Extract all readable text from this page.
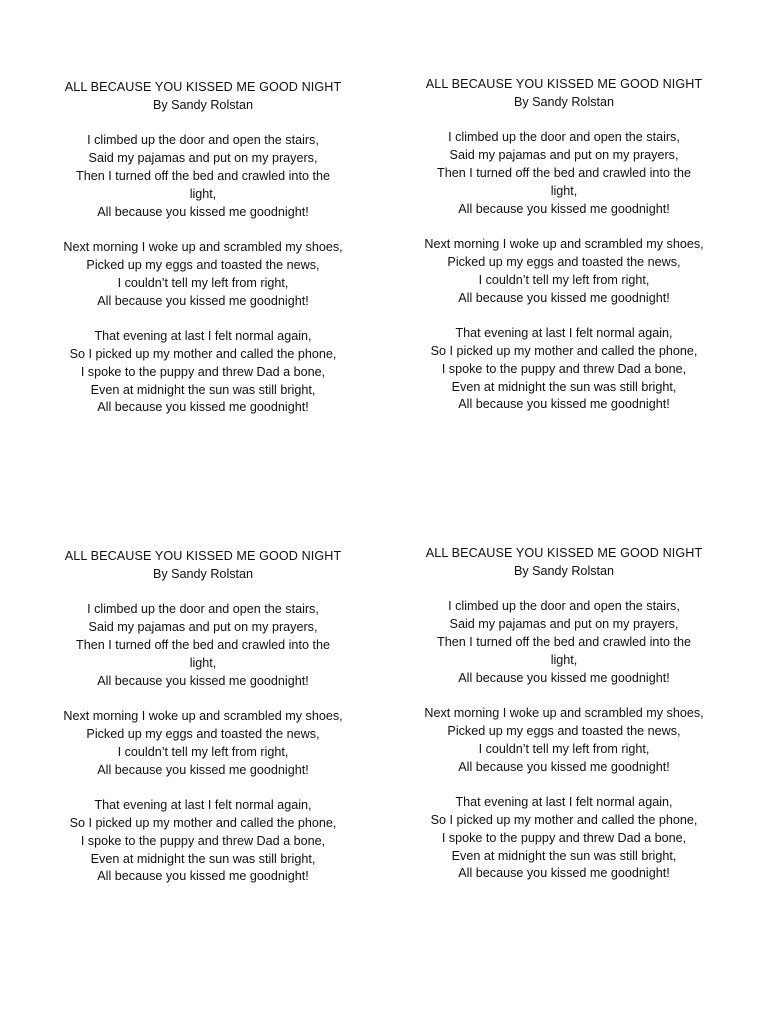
ALL BECAUSE YOU KISSED ME GOOD NIGHT
By Sandy Rolstan
I climbed up the door and open the stairs,
Said my pajamas and put on my prayers,
Then I turned off the bed and crawled into the
light,
All because you kissed me goodnight!
Next morning I woke up and scrambled my shoes,
Picked up my eggs and toasted the news,
I couldn’t tell my left from right,
All because you kissed me goodnight!
That evening at last I felt normal again,
So I picked up my mother and called the phone,
I spoke to the puppy and threw Dad a bone,
Even at midnight the sun was still bright,
All because you kissed me goodnight!
ALL BECAUSE YOU KISSED ME GOOD NIGHT
By Sandy Rolstan
I climbed up the door and open the stairs,
Said my pajamas and put on my prayers,
Then I turned off the bed and crawled into the
light,
All because you kissed me goodnight!
Next morning I woke up and scrambled my shoes,
Picked up my eggs and toasted the news,
I couldn’t tell my left from right,
All because you kissed me goodnight!
That evening at last I felt normal again,
So I picked up my mother and called the phone,
I spoke to the puppy and threw Dad a bone,
Even at midnight the sun was still bright,
All because you kissed me goodnight!
ALL BECAUSE YOU KISSED ME GOOD NIGHT
By Sandy Rolstan
I climbed up the door and open the stairs,
Said my pajamas and put on my prayers,
Then I turned off the bed and crawled into the
light,
All because you kissed me goodnight!
Next morning I woke up and scrambled my shoes,
Picked up my eggs and toasted the news,
I couldn’t tell my left from right,
All because you kissed me goodnight!
That evening at last I felt normal again,
So I picked up my mother and called the phone,
I spoke to the puppy and threw Dad a bone,
Even at midnight the sun was still bright,
All because you kissed me goodnight!
ALL BECAUSE YOU KISSED ME GOOD NIGHT
By Sandy Rolstan
I climbed up the door and open the stairs,
Said my pajamas and put on my prayers,
Then I turned off the bed and crawled into the
light,
All because you kissed me goodnight!
Next morning I woke up and scrambled my shoes,
Picked up my eggs and toasted the news,
I couldn’t tell my left from right,
All because you kissed me goodnight!
That evening at last I felt normal again,
So I picked up my mother and called the phone,
I spoke to the puppy and threw Dad a bone,
Even at midnight the sun was still bright,
All because you kissed me goodnight!
